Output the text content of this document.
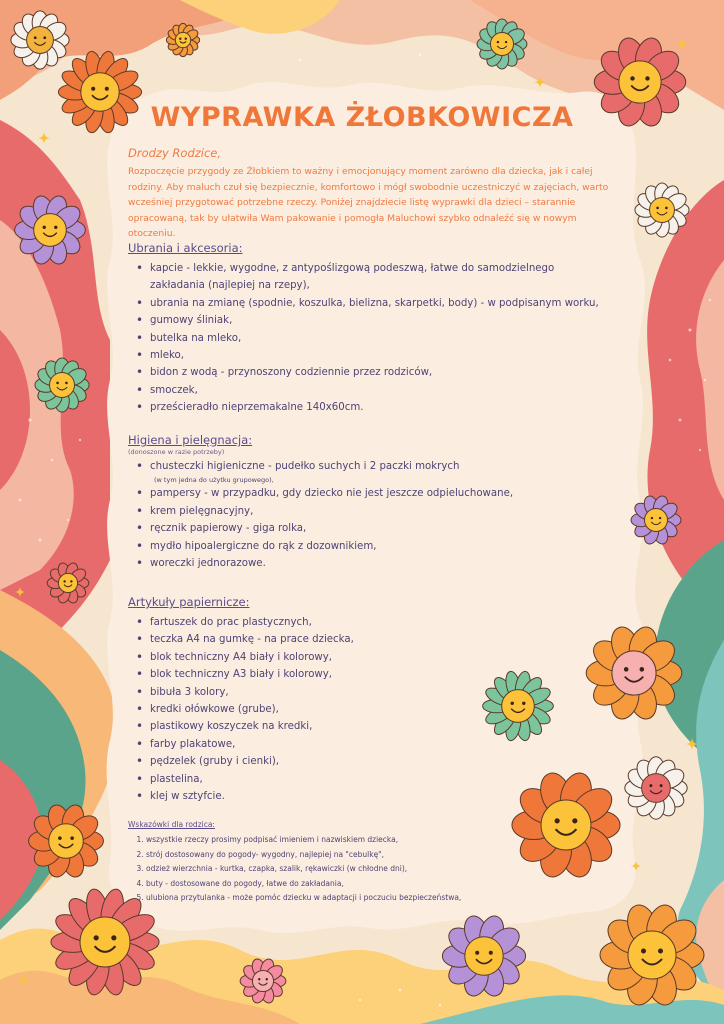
WYPRAWKA ŻŁOBKOWICZA

Drodzy Rodzice,

Rozpoczęcie przygody ze Żłobkiem to ważny i emocjonujący moment zarówno dla dziecka, jak i całej rodziny. Aby maluch czuł się bezpiecznie, komfortowo i mógł swobodnie uczestniczyć w zajęciach, warto wcześniej przygotować potrzebne rzeczy. Poniżej znajdziecie listę wyprawki dla dzieci – starannie opracowaną, tak by ułatwiła Wam pakowanie i pomogła Maluchowi szybko odnaleźć się w nowym otoczeniu.

Ubrania i akcesoria:

• kapcie - lekkie, wygodne, z antypoślizgową podeszwą, łatwe do samodzielnego zakładania (najlepiej na rzepy),
• ubrania na zmianę (spodnie, koszulka, bielizna, skarpetki, body) - w podpisanym worku,
• gumowy śliniak,
• butelka na mleko,
• mleko,
• bidon z wodą - przynoszony codziennie przez rodziców,
• smoczek,
• prześcieradło nieprzemakalne 140x60cm.

Higiena i pielęgnacja:

(donoszone w razie potrzeby)

• chusteczki higieniczne - pudełko suchych i 2 paczki mokrych
(w tym jedna do użytku grupowego),
• pampersy - w przypadku, gdy dziecko nie jest jeszcze odpieluchowane,
• krem pielęgnacyjny,
• ręcznik papierowy - giga rolka,
• mydło hipoalergiczne do rąk z dozownikiem,
• woreczki jednorazowe.

Artykuły papiernicze:

• fartuszek do prac plastycznych,
• teczka A4 na gumkę - na prace dziecka,
• blok techniczny A4 biały i kolorowy,
• blok techniczny A3 biały i kolorowy,
• bibuła 3 kolory,
• kredki ołówkowe (grube),
• plastikowy koszyczek na kredki,
• farby plakatowe,
• pędzelek (gruby i cienki),
• plastelina,
• klej w sztyfcie.

Wskazówki dla rodzica:

1. wszystkie rzeczy prosimy podpisać imieniem i nazwiskiem dziecka,
2. strój dostosowany do pogody- wygodny, najlepiej na "cebulkę",
3. odzież wierzchnia - kurtka, czapka, szalik, rękawiczki (w chłodne dni),
4. buty - dostosowane do pogody, łatwe do zakładania,
5. ulubiona przytulanka - może pomóc dziecku w adaptacji i poczuciu bezpieczeństwa,
